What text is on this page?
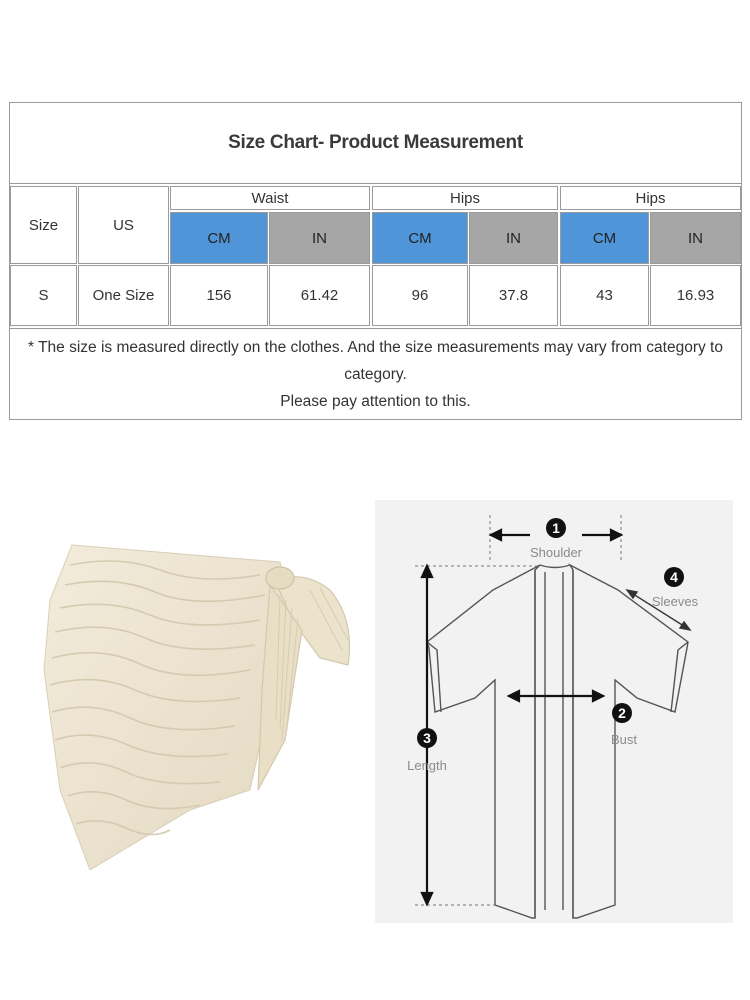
Size Chart- Product Measurement
Size	US
Waist	Hips	Hips
CM	IN	CM	IN	CM	IN
S	One Size	156	61.42	96	37.8	43	16.93
* The size is measured directly on the clothes. And the size measurements may vary from category to category.
Please pay attention to this.
1
Shoulder
2
Bust
3
Length
4
Sleeves
